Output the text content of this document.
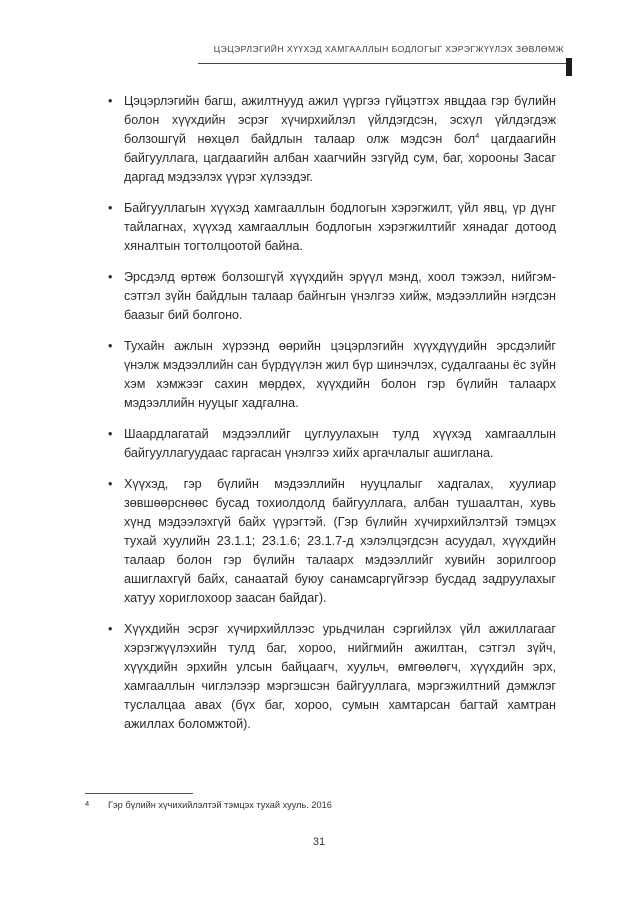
ЦЭЦЭРЛЭГИЙН ХҮҮХЭД ХАМГААЛЛЫН БОДЛОГЫГ ХЭРЭГЖҮҮЛЭХ ЗӨВЛӨМЖ
• Цэцэрлэгийн багш, ажилтнууд ажил үүргээ гүйцэтгэх явцдаа гэр бүлийн болон хүүхдийн эсрэг хүчирхийлэл үйлдэгдсэн, эсхүл үйлдэгдэж болзошгүй нөхцөл байдлын талаар олж мэдсэн бол$^4$ цагдаагийн байгууллага, цагдаагийн албан хаагчийн эзгүйд сум, баг, хорооны Засаг даргад мэдээлэх үүрэг хүлээдэг.
• Байгууллагын хүүхэд хамгааллын бодлогын хэрэгжилт, үйл явц, үр дүнг тайлагнах, хүүхэд хамгааллын бодлогын хэрэгжилтийг хянадаг дотоод хяналтын тогтолцоотой байна.
• Эрсдэлд өртөж болзошгүй хүүхдийн эрүүл мэнд, хоол тэжээл, нийгэм-сэтгэл зүйн байдлын талаар байнгын үнэлгээ хийж, мэдээллийн нэгдсэн баазыг бий болгоно.
• Тухайн ажлын хүрээнд өөрийн цэцэрлэгийн хүүхдүүдийн эрсдэлийг үнэлж мэдээллийн сан бүрдүүлэн жил бүр шинэчлэх, судалгааны ёс зүйн хэм хэмжээг сахин мөрдөх, хүүхдийн болон гэр бүлийн талаарх мэдээллийн нууцыг хадгална.
• Шаардлагатай мэдээллийг цуглуулахын тулд хүүхэд хамгааллын байгууллагуудаас гаргасан үнэлгээ хийх аргачлалыг ашиглана.
• Хүүхэд, гэр бүлийн мэдээллийн нууцлалыг хадгалах, хуулиар зөвшөөрснөөс бусад тохиолдолд байгууллага, албан тушаалтан, хувь хүнд мэдээлэхгүй байх үүрэгтэй. (Гэр бүлийн хүчирхийлэлтэй тэмцэх тухай хуулийн 23.1.1; 23.1.6; 23.1.7-д хэлэлцэгдсэн асуудал, хүүхдийн талаар болон гэр бүлийн талаарх мэдээллийг хувийн зорилгоор ашиглахгүй байх, санаатай буюу санамсаргүйгээр бусдад задруулахыг хатуу хориглохоор заасан байдаг).
• Хүүхдийн эсрэг хүчирхийллээс урьдчилан сэргийлэх үйл ажиллагааг хэрэгжүүлэхийн тулд баг, хороо, нийгмийн ажилтан, сэтгэл зүйч, хүүхдийн эрхийн улсын байцаагч, хуульч, өмгөөлөгч, хүүхдийн эрх, хамгааллын чиглэлээр мэргэшсэн байгууллага, мэргэжилтний дэмжлэг туслалцаа авах (бүх баг, хороо, сумын хамтарсан багтай хамтран ажиллах боломжтой).
4 Гэр бүлийн хүчихийлэлтэй тэмцэх тухай хууль. 2016
31
